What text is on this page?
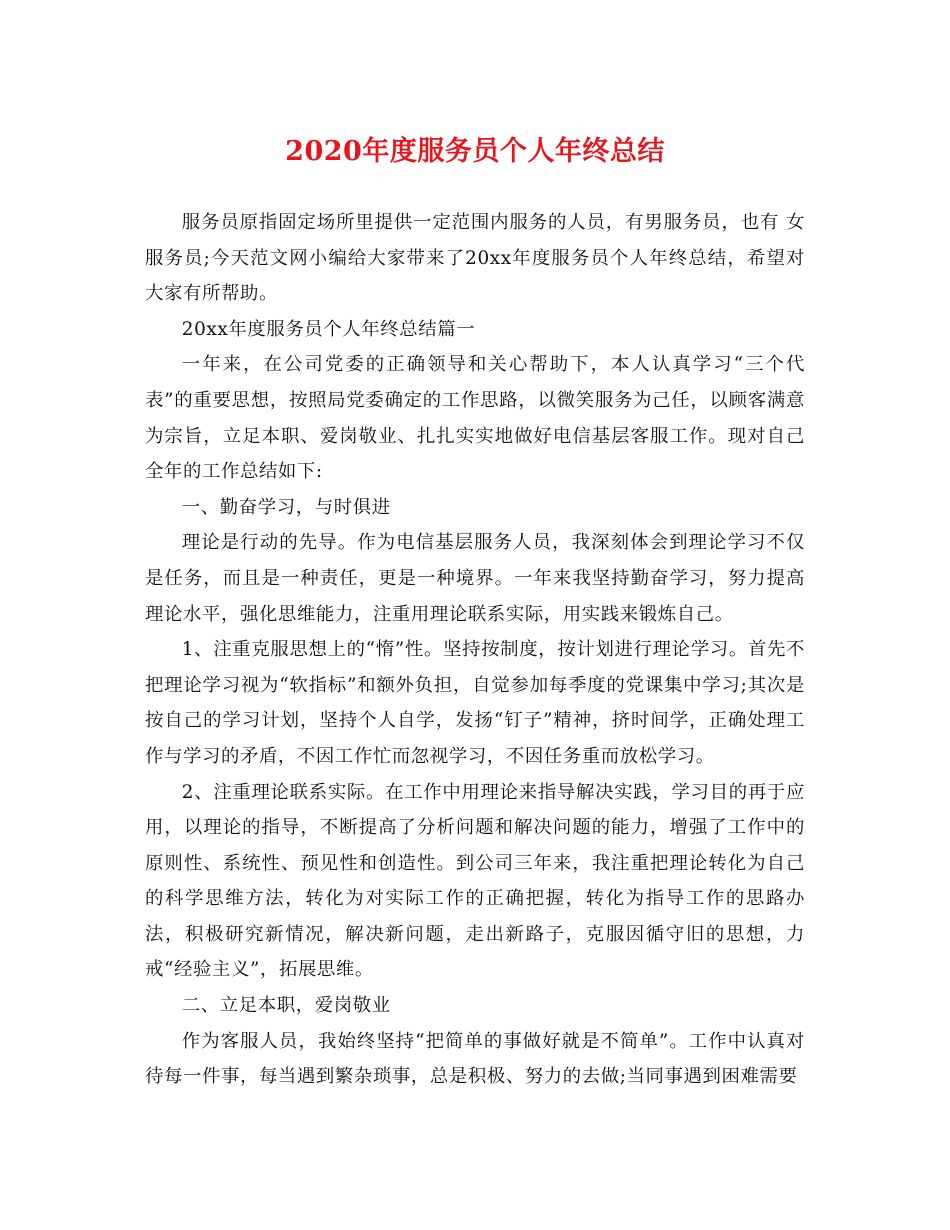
2020年度服务员个人年终总结

服务员原指固定场所里提供一定范围内服务的人员，有男服务员，也有 女服务员;今天范文网小编给大家带来了20xx年度服务员个人年终总结，希望对大家有所帮助。

20xx年度服务员个人年终总结篇一

一年来，在公司党委的正确领导和关心帮助下，本人认真学习“三个代表”的重要思想，按照局党委确定的工作思路，以微笑服务为己任，以顾客满意为宗旨，立足本职、爱岗敬业、扎扎实实地做好电信基层客服工作。现对自己全年的工作总结如下:

一、勤奋学习，与时俱进

理论是行动的先导。作为电信基层服务人员，我深刻体会到理论学习不仅是任务，而且是一种责任，更是一种境界。一年来我坚持勤奋学习，努力提高理论水平，强化思维能力，注重用理论联系实际，用实践来锻炼自己。

1、注重克服思想上的“惰”性。坚持按制度，按计划进行理论学习。首先不把理论学习视为“软指标”和额外负担，自觉参加每季度的党课集中学习;其次是按自己的学习计划，坚持个人自学，发扬“钉子”精神，挤时间学，正确处理工作与学习的矛盾，不因工作忙而忽视学习，不因任务重而放松学习。

2、注重理论联系实际。在工作中用理论来指导解决实践，学习目的再于应用，以理论的指导，不断提高了分析问题和解决问题的能力，增强了工作中的原则性、系统性、预见性和创造性。到公司三年来，我注重把理论转化为自己的科学思维方法，转化为对实际工作的正确把握，转化为指导工作的思路办法，积极研究新情况，解决新问题，走出新路子，克服因循守旧的思想，力戒“经验主义”，拓展思维。

二、立足本职，爱岗敬业

作为客服人员，我始终坚持“把简单的事做好就是不简单”。工作中认真对待每一件事，每当遇到繁杂琐事，总是积极、努力的去做;当同事遇到困难需要
